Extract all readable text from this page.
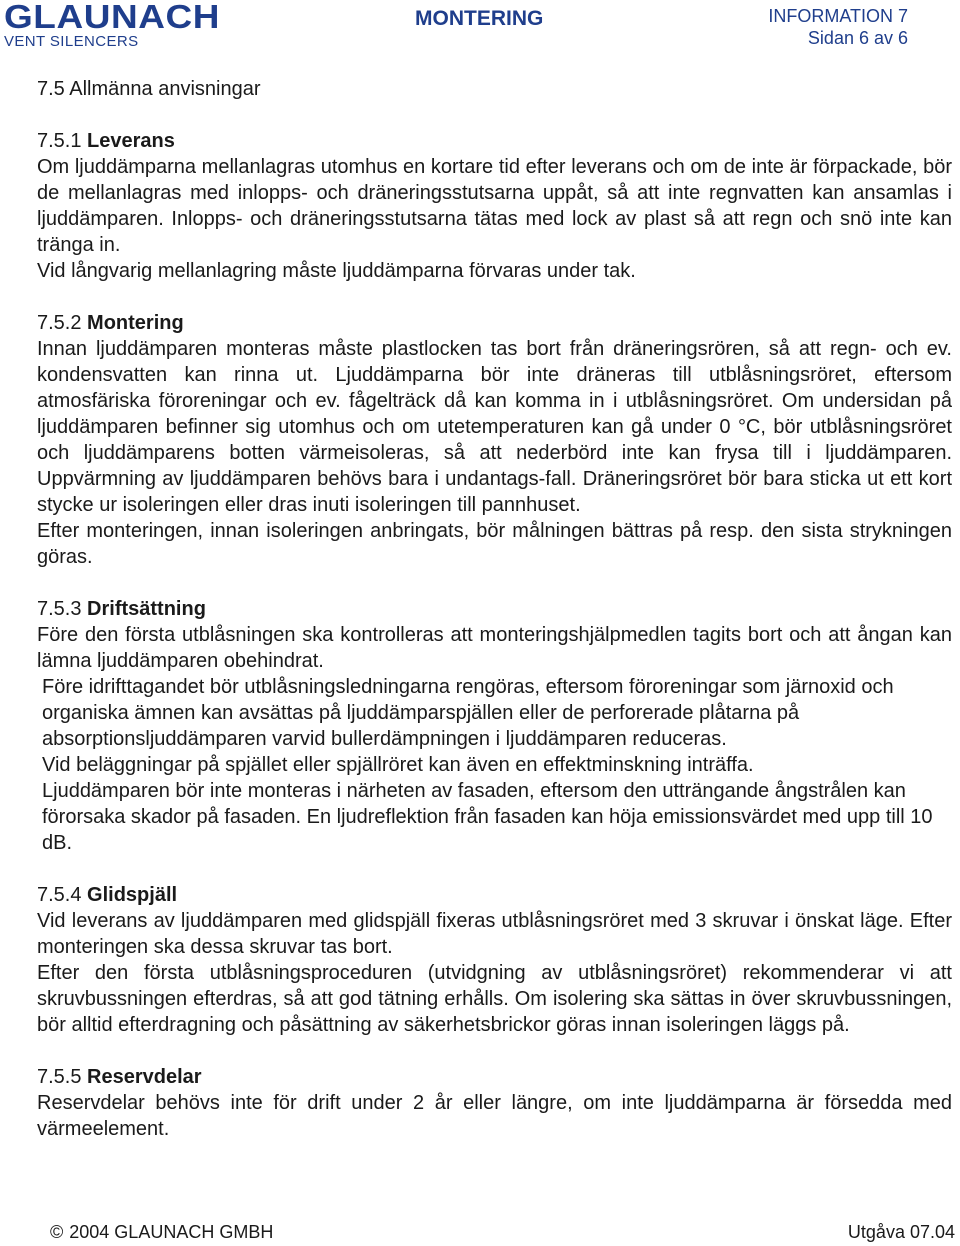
GLAUNACH
VENT SILENCERS
MONTERING	INFORMATION 7
Sidan 6 av 6
7.5 Allmänna anvisningar
7.5.1 Leverans

Om ljuddämparna mellanlagras utomhus en kortare tid efter leverans och om de inte är förpackade, bör de mellanlagras med inlopps- och dräneringsstutsarna uppåt, så att inte regnvatten kan ansamlas i ljuddämparen. Inlopps- och dräneringsstutsarna tätas med lock av plast så att regn och snö inte kan tränga in.

Vid långvarig mellanlagring måste ljuddämparna förvaras under tak.

7.5.2 Montering

Innan ljuddämparen monteras måste plastlocken tas bort från dräneringsrören, så att regn- och ev. kondensvatten kan rinna ut. Ljuddämparna bör inte dräneras till utblåsningsröret, eftersom atmosfäriska föroreningar och ev. fågelträck då kan komma in i utblåsningsröret. Om undersidan på ljuddämparen befinner sig utomhus och om utetemperaturen kan gå under 0 °C, bör utblåsningsröret och ljuddämparens botten värmeisoleras, så att nederbörd inte kan frysa till i ljuddämparen. Uppvärmning av ljuddämparen behövs bara i undantags-fall. Dräneringsröret bör bara sticka ut ett kort stycke ur isoleringen eller dras inuti isoleringen till pannhuset.

Efter monteringen, innan isoleringen anbringats, bör målningen bättras på resp. den sista strykningen göras.

7.5.3 Driftsättning

Före den första utblåsningen ska kontrolleras att monteringshjälpmedlen tagits bort och att ångan kan lämna ljuddämparen obehindrat.

Före idrifttagandet bör utblåsningsledningarna rengöras, eftersom föroreningar som järnoxid och organiska ämnen kan avsättas på ljuddämparspjällen eller de perforerade plåtarna på absorptionsljuddämparen varvid bullerdämpningen i ljuddämparen reduceras.

Vid beläggningar på spjället eller spjällröret kan även en effektminskning inträffa.

Ljuddämparen bör inte monteras i närheten av fasaden, eftersom den utträngande ångstrålen kan förorsaka skador på fasaden. En ljudreflektion från fasaden kan höja emissionsvärdet med upp till 10 dB.

7.5.4 Glidspjäll

Vid leverans av ljuddämparen med glidspjäll fixeras utblåsningsröret med 3 skruvar i önskat läge. Efter monteringen ska dessa skruvar tas bort.

Efter den första utblåsningsproceduren (utvidgning av utblåsningsröret) rekommenderar vi att skruvbussningen efterdras, så att god tätning erhålls. Om isolering ska sättas in över skruvbussningen, bör alltid efterdragning och påsättning av säkerhetsbrickor göras innan isoleringen läggs på.

7.5.5 Reservdelar

Reservdelar behövs inte för drift under 2 år eller längre, om inte ljuddämparna är försedda med värmeelement.

© 2004 GLAUNACH GMBH	Utgåva 07.04
